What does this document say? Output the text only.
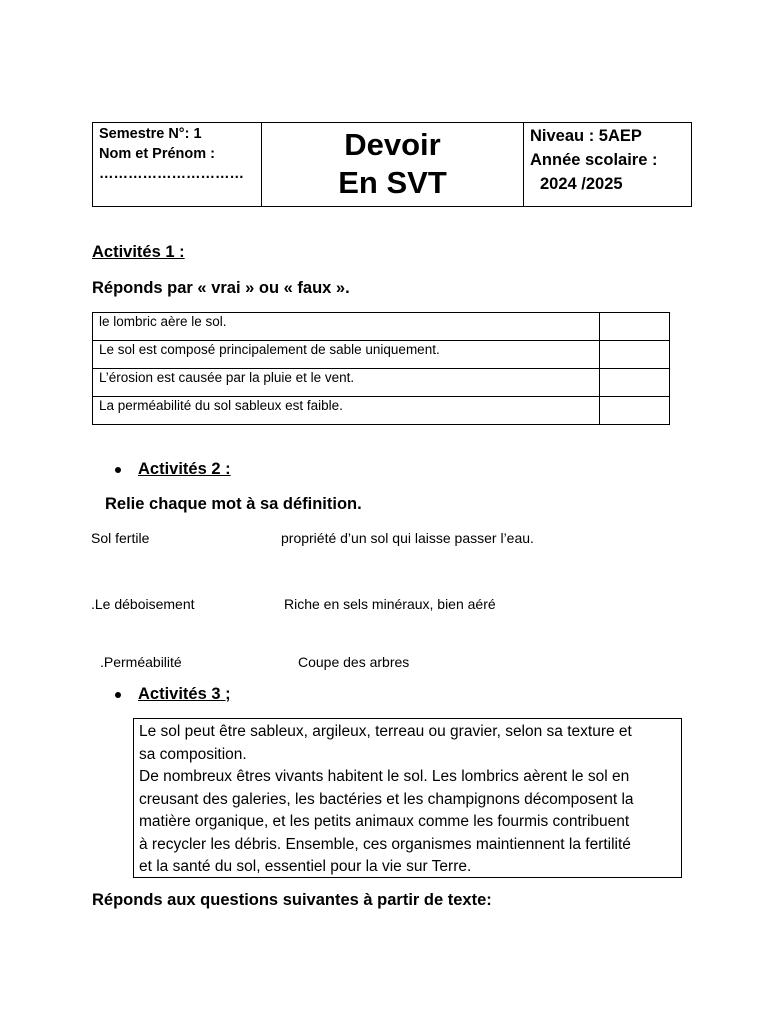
Semestre N°: 1
Nom et Prénom :
…………………………
Devoir
En SVT
Niveau : 5AEP
Année scolaire :
2024 /2025
Activités 1 :
Réponds par « vrai » ou « faux ».
le lombric aère le sol.	
Le sol est composé principalement de sable uniquement.	
L’érosion est causée par la pluie et le vent.	
La perméabilité du sol sableux est faible.	
Activités 2 :
Relie chaque mot à sa définition.
Sol fertile	propriété d’un sol qui laisse passer l’eau.
.Le déboisement	Riche en sels minéraux, bien aéré
.Perméabilité	Coupe des arbres
Activités 3 ;
Le sol peut être sableux, argileux, terreau ou gravier, selon sa texture et
sa composition.
De nombreux êtres vivants habitent le sol. Les lombrics aèrent le sol en
creusant des galeries, les bactéries et les champignons décomposent la
matière organique, et les petits animaux comme les fourmis contribuent
à recycler les débris. Ensemble, ces organismes maintiennent la fertilité
et la santé du sol, essentiel pour la vie sur Terre.
Réponds aux questions suivantes à partir de texte:
